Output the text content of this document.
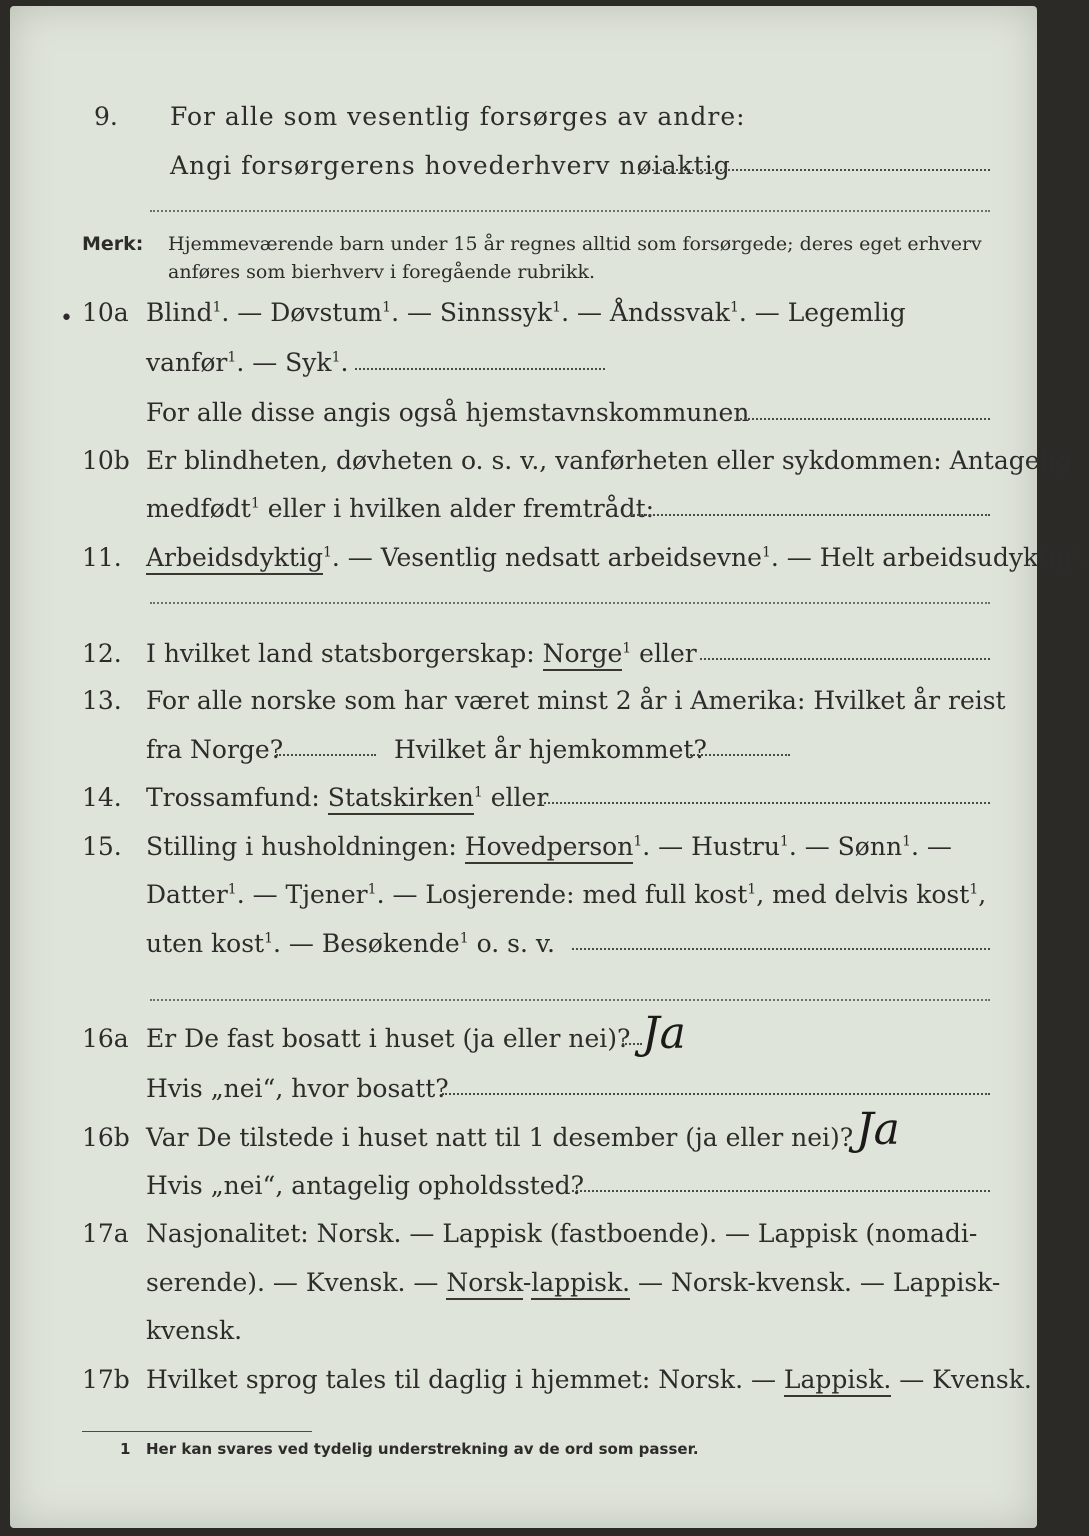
9.	For alle som vesentlig forsørges av andre:
Angi forsørgerens hovederhverv nøiaktig
Merk: Hjemmeværende barn under 15 år regnes alltid som forsørgede; deres eget erhverv
anføres som bierhverv i foregående rubrikk.
• 10a Blind$^1$. — Døvstum$^1$. — Sinnssyk$^1$. — Åndssvak$^1$. — Legemlig
vanfør$^1$. — Syk$^1$.
For alle disse angis også hjemstavnskommunen
10b Er blindheten, døvheten o. s. v., vanførheten eller sykdommen: Antagelig
medfødt$^1$ eller i hvilken alder fremtrådt:
11. Arbeidsdyktig$^1$. — Vesentlig nedsatt arbeidsevne$^1$. — Helt arbeidsudyktig$^1$.
12. I hvilket land statsborgerskap: Norge$^1$ eller
13. For alle norske som har været minst 2 år i Amerika: Hvilket år reist
fra Norge?	Hvilket år hjemkommet?
14. Trossamfund: Statskirken$^1$ eller
15. Stilling i husholdningen: Hovedperson$^1$. — Hustru$^1$. — Sønn$^1$. —
Datter$^1$. — Tjener$^1$. — Losjerende: med full kost$^1$, med delvis kost$^1$,
uten kost$^1$. — Besøkende$^1$ o. s. v.
16a Er De fast bosatt i huset (ja eller nei)? Ja
Hvis „nei“, hvor bosatt?
16b Var De tilstede i huset natt til 1 desember (ja eller nei)? Ja
Hvis „nei“, antagelig opholdssted?
17a Nasjonalitet: Norsk. — Lappisk (fastboende). — Lappisk (nomadi-
serende). — Kvensk. — Norsk-lappisk. — Norsk-kvensk. — Lappisk-
kvensk.
17b Hvilket sprog tales til daglig i hjemmet: Norsk. — Lappisk. — Kvensk.
1 Her kan svares ved tydelig understrekning av de ord som passer.
